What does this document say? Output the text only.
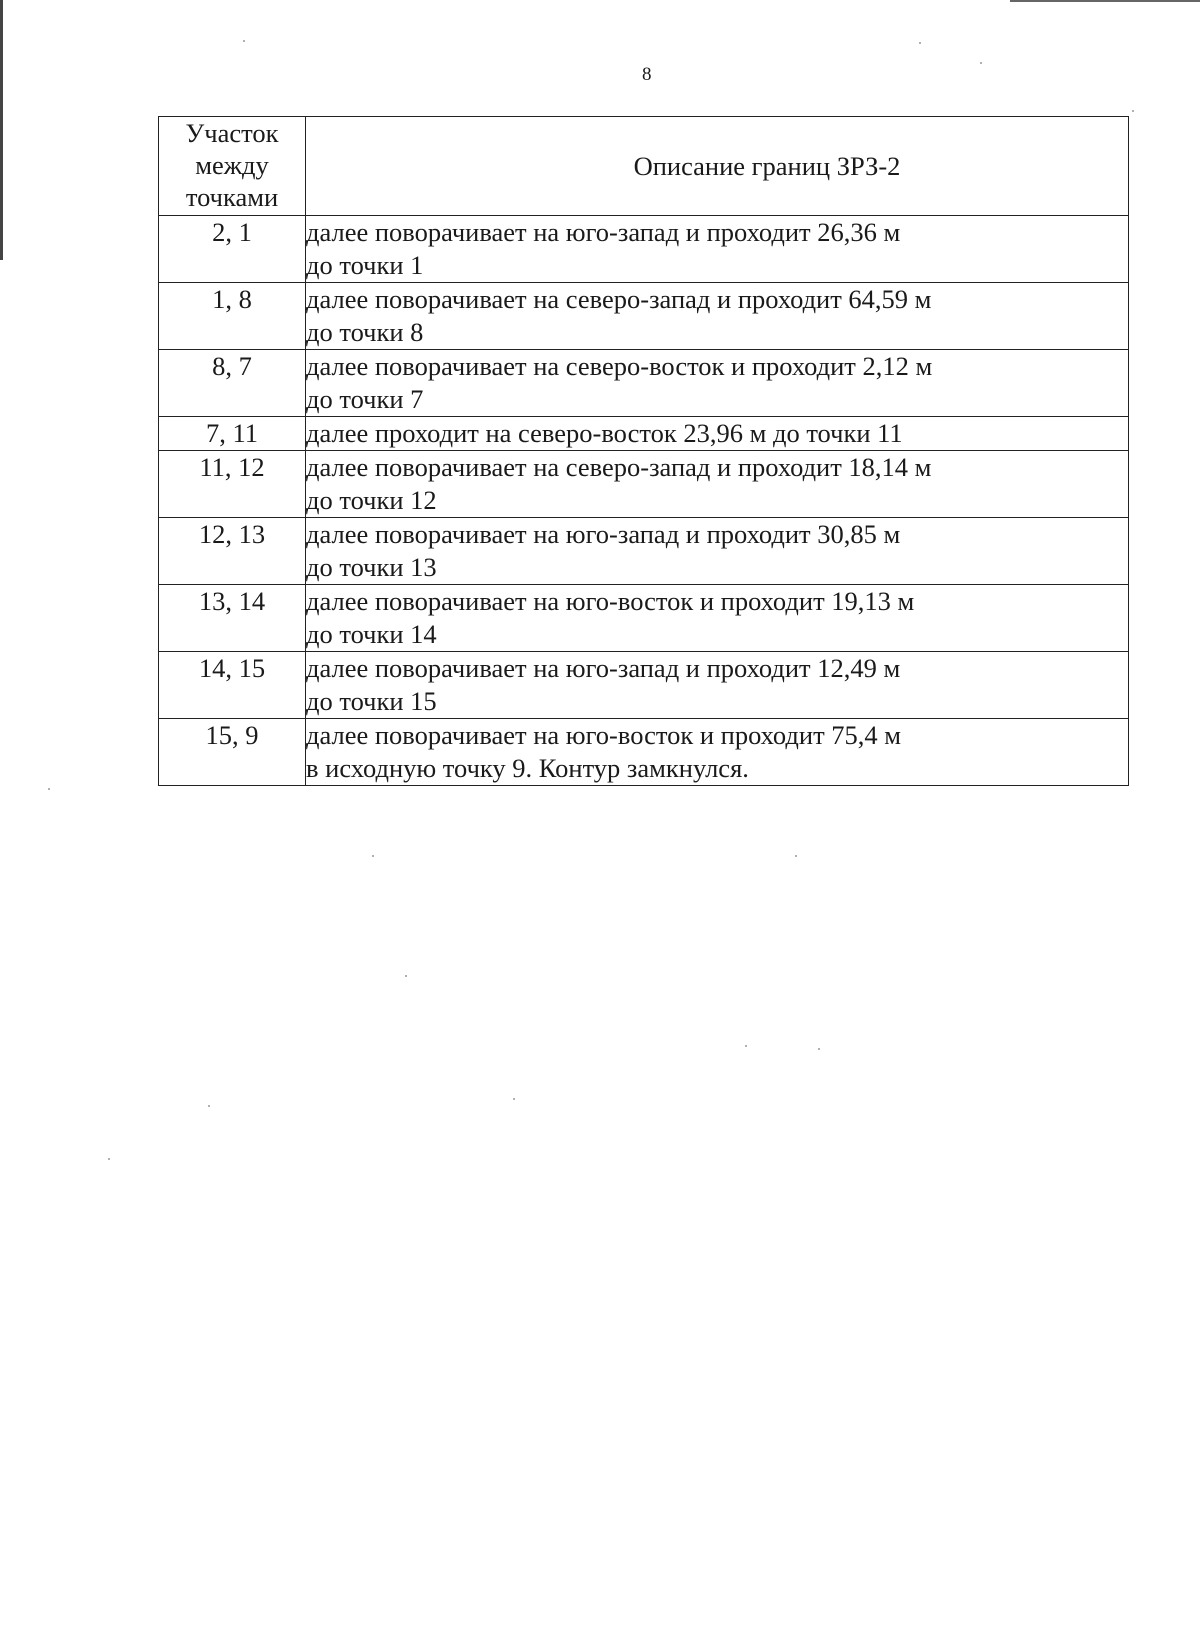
8
Участок
между
точками	Описание границ ЗРЗ-2
2, 1	далее поворачивает на юго-запад и проходит 26,36 м
до точки 1

1, 8	далее поворачивает на северо-запад и проходит 64,59 м
до точки 8

8, 7	далее поворачивает на северо-восток и проходит 2,12 м
до точки 7

7, 11	далее проходит на северо-восток 23,96 м до точки 11

11, 12	далее поворачивает на северо-запад и проходит 18,14 м
до точки 12

12, 13	далее поворачивает на юго-запад и проходит 30,85 м
до точки 13

13, 14	далее поворачивает на юго-восток и проходит 19,13 м
до точки 14

14, 15	далее поворачивает на юго-запад и проходит 12,49 м
до точки 15

15, 9	далее поворачивает на юго-восток и проходит 75,4 м
в исходную точку 9. Контур замкнулся.
